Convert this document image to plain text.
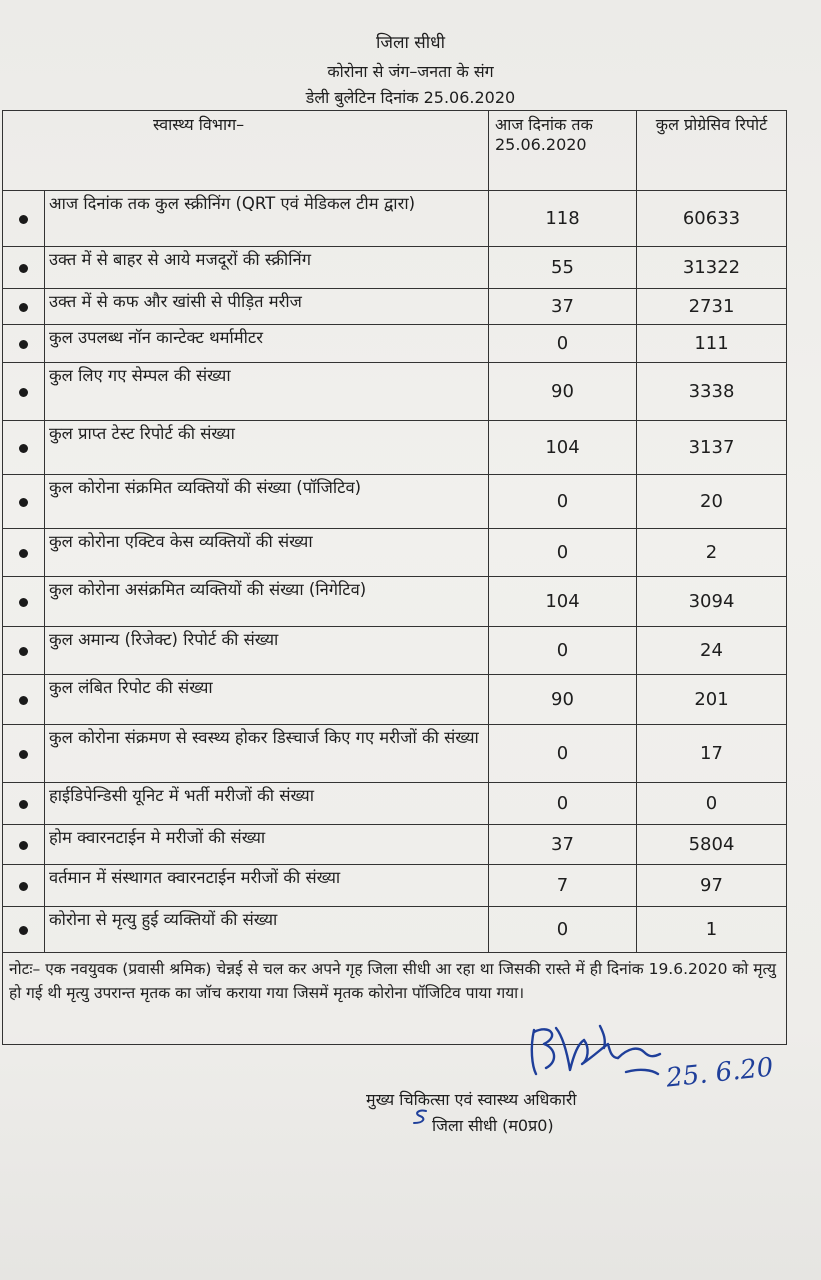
जिला सीधी
कोरोना से जंग–जनता के संग
डेली बुलेटिन दिनांक 25.06.2020
स्वास्थ्य विभाग–		आज दिनांक तक 25.06.2020	कुल प्रोग्रेसिव रिपोर्ट
	आज दिनांक तक कुल स्क्रीनिंग (QRT एवं मेडिकल टीम द्वारा)	118	60633
	उक्त में से बाहर से आये मजदूरों की स्क्रीनिंग	55	31322
	उक्त में से कफ और खांसी से पीड़ित मरीज	37	2731
	कुल उपलब्ध नॉन कान्टेक्ट थर्मामीटर	0	111
	कुल लिए गए सेम्पल की संख्या	90	3338
	कुल प्राप्त टेस्ट रिपोर्ट की संख्या	104	3137
	कुल कोरोना संक्रमित व्यक्तियों की संख्या (पॉजिटिव)	0	20
	कुल कोरोना एक्टिव केस व्यक्तियों की संख्या	0	2
	कुल कोरोना असंक्रमित व्यक्तियों की संख्या (निगेटिव)	104	3094
	कुल अमान्य (रिजेक्ट) रिपोर्ट की संख्या	0	24
	कुल लंबित रिपोट की संख्या	90	201
	कुल कोरोना संक्रमण से स्वस्थ्य होकर डिस्चार्ज किए गए मरीजों की संख्या	0	17
	हाईडिपेन्डिसी यूनिट में भर्ती मरीजों की संख्या	0	0
	होम क्वारनटाईन मे मरीजों की संख्या	37	5804
	वर्तमान में संस्थागत क्वारनटाईन मरीजों की संख्या	7	97
	कोरोना से मृत्यु हुई व्यक्तियों की संख्या	0	1
नोटः– एक नवयुवक (प्रवासी श्रमिक) चेन्नई से चल कर अपने गृह जिला सीधी आ रहा था जिसकी रास्ते में ही दिनांक 19.6.2020 को मृत्यु हो गई थी मृत्यु उपरान्त मृतक का जॉच कराया गया जिसमें मृतक कोरोना पॉजिटिव पाया गया।			
25. 6.20
मुख्य चिकित्सा एवं स्वास्थ्य अधिकारी
जिला सीधी (म0प्र0)
